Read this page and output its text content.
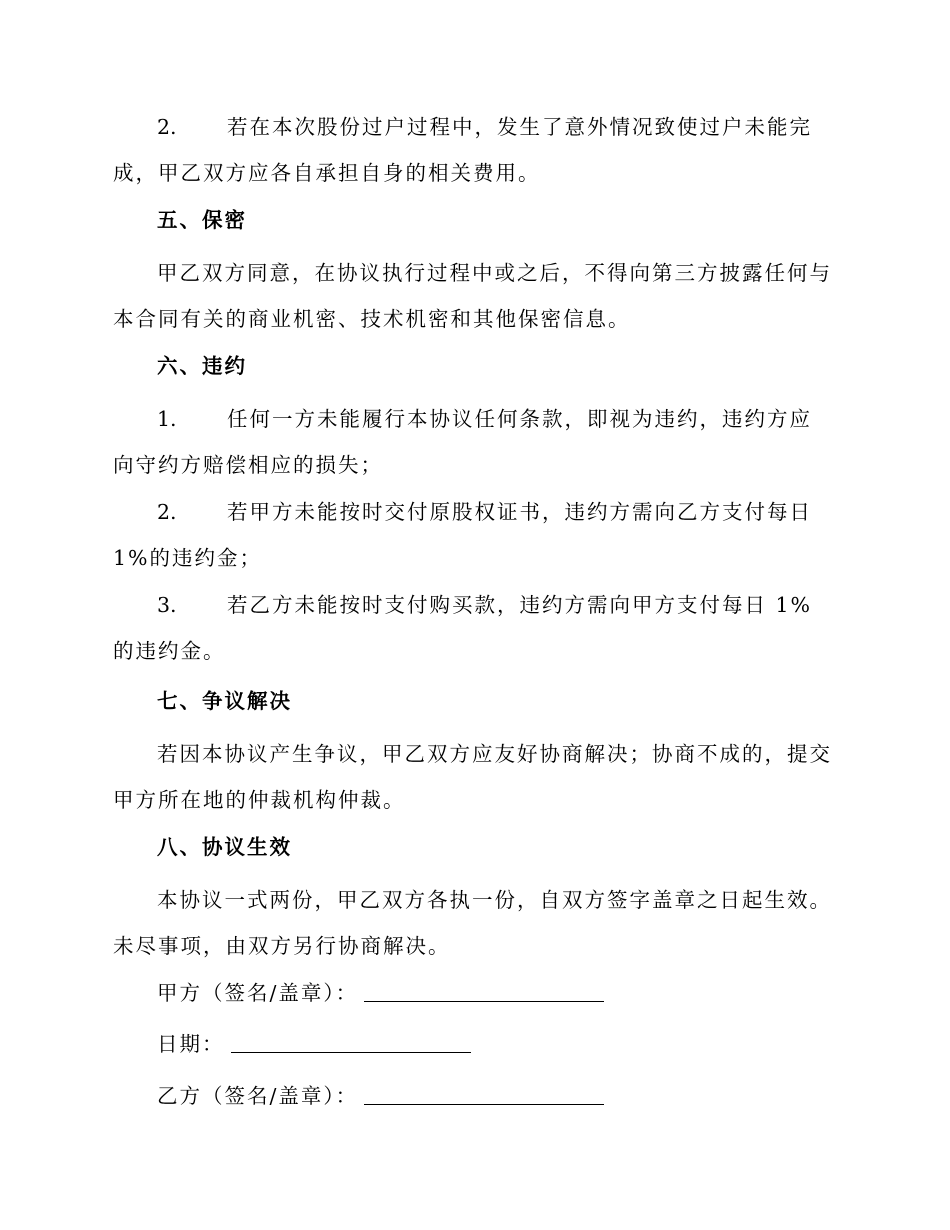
2. 若在本次股份过户过程中，发生了意外情况致使过户未能完成，甲乙双方应各自承担自身的相关费用。
五、保密
甲乙双方同意，在协议执行过程中或之后，不得向第三方披露任何与本合同有关的商业机密、技术机密和其他保密信息。
六、违约
1. 任何一方未能履行本协议任何条款，即视为违约，违约方应向守约方赔偿相应的损失；
2. 若甲方未能按时交付原股权证书，违约方需向乙方支付每日 1%的违约金；
3. 若乙方未能按时支付购买款，违约方需向甲方支付每日 1%的违约金。
七、争议解决
若因本协议产生争议，甲乙双方应友好协商解决；协商不成的，提交甲方所在地的仲裁机构仲裁。
八、协议生效
本协议一式两份，甲乙双方各执一份，自双方签字盖章之日起生效。未尽事项，由双方另行协商解决。
甲方（签名/盖章）：
日期：
乙方（签名/盖章）：
